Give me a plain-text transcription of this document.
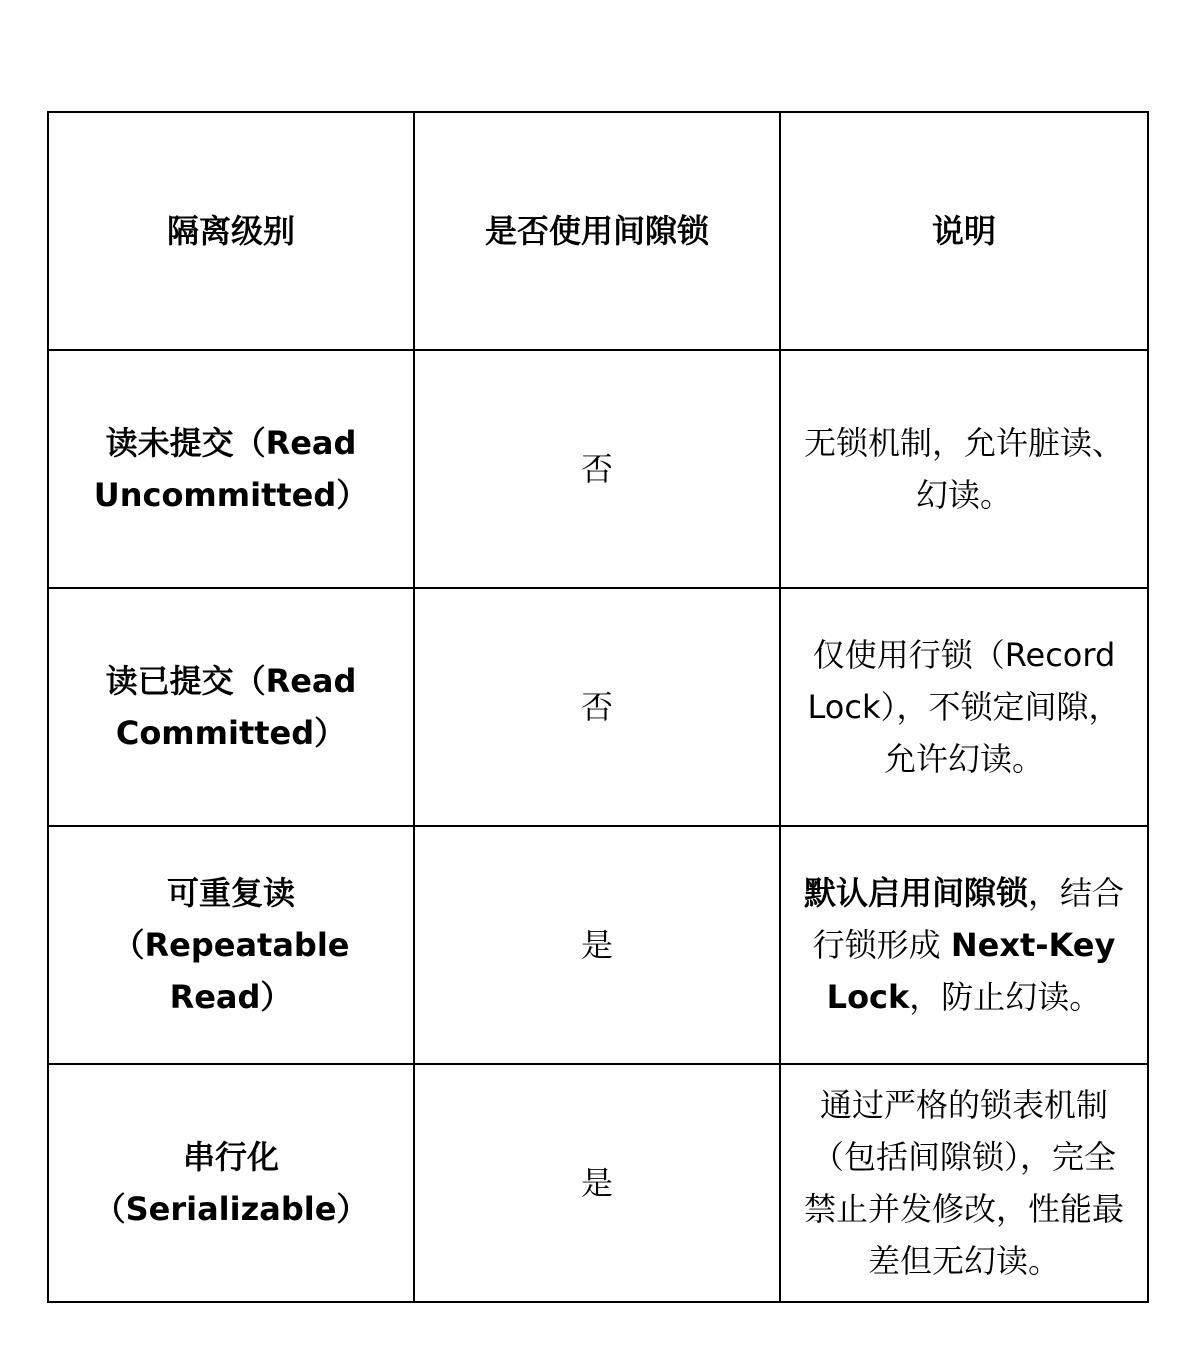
隔离级别	是否使用间隙锁	说明
读未提交（Read Uncommitted）	否	无锁机制，允许脏读、幻读。
读已提交（Read Committed）	否	仅使用行锁（Record Lock），不锁定间隙，允许幻读。
可重复读（Repeatable Read）	是	默认启用间隙锁，结合行锁形成 Next-Key Lock，防止幻读。
串行化（Serializable）	是	通过严格的锁表机制（包括间隙锁），完全禁止并发修改，性能最差但无幻读。
